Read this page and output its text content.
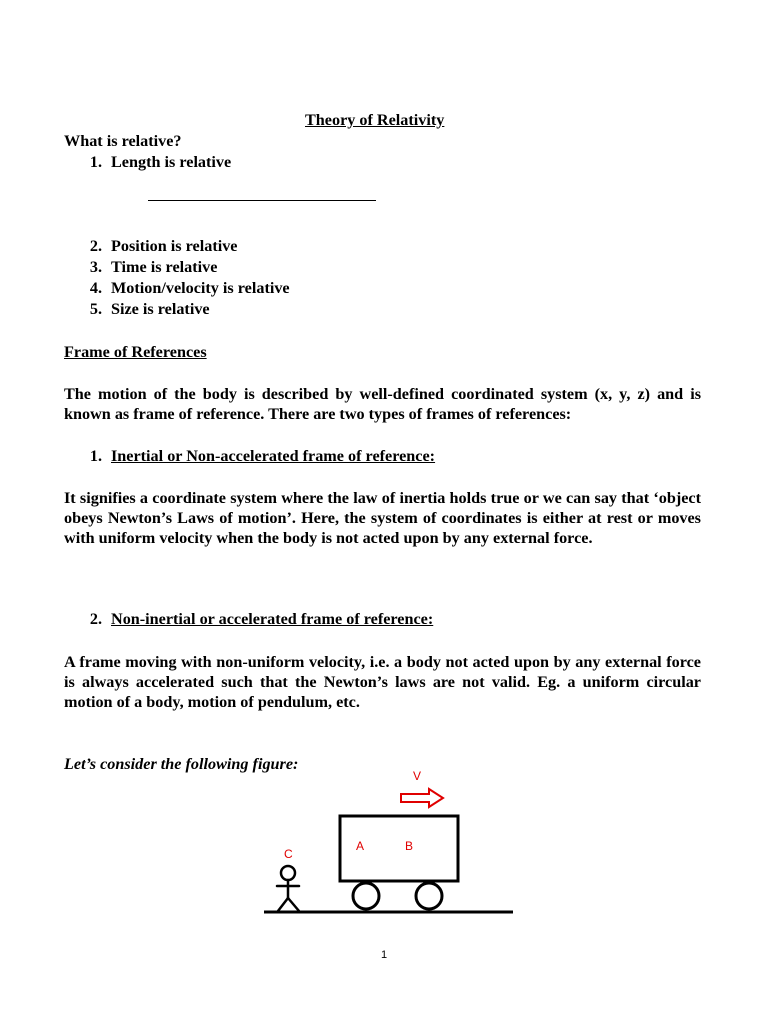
Theory of Relativity
What is relative?
1. Length is relative
2. Position is relative
3. Time is relative
4. Motion/velocity is relative
5. Size is relative
Frame of References
The motion of the body is described by well-defined coordinated system (x, y, z) and is known as frame of reference. There are two types of frames of references:
1. Inertial or Non-accelerated frame of reference:
It signifies a coordinate system where the law of inertia holds true or we can say that ‘object obeys Newton’s Laws of motion’. Here, the system of coordinates is either at rest or moves with uniform velocity when the body is not acted upon by any external force.
2. Non-inertial or accelerated frame of reference:
A frame moving with non-uniform velocity, i.e. a body not acted upon by any external force is always accelerated such that the Newton’s laws are not valid. Eg. a uniform circular motion of a body, motion of pendulum, etc.
Let’s consider the following figure:
V
A	B
C
1
